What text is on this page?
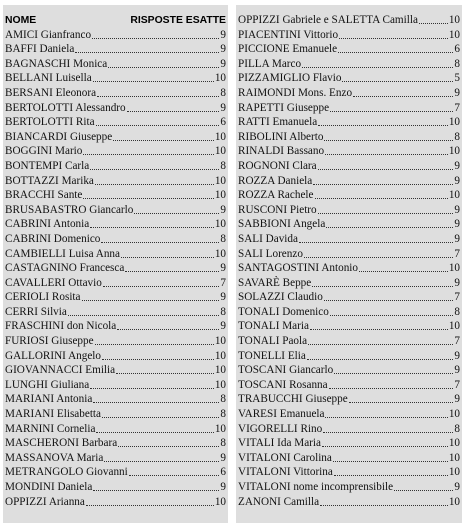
NOME	RISPOSTE ESATTE
AMICI Gianfranco	9
BAFFI Daniela	9
BAGNASCHI Monica	9
BELLANI Luisella	10
BERSANI Eleonora	8
BERTOLOTTI Alessandro	9
BERTOLOTTI Rita	6
BIANCARDI Giuseppe	10
BOGGINI Mario	10
BONTEMPI Carla	8
BOTTAZZI Marika	10
BRACCHI Sante	10
BRUSABASTRO Giancarlo	9
CABRINI Antonia	10
CABRINI Domenico	8
CAMBIELLI Luisa Anna	10
CASTAGNINO Francesca	9
CAVALLERI Ottavio	7
CERIOLI Rosita	9
CERRI Silvia	8
FRASCHINI don Nicola	9
FURIOSI Giuseppe	10
GALLORINI Angelo	10
GIOVANNACCI Emilia	10
LUNGHI Giuliana	10
MARIANI Antonia	8
MARIANI Elisabetta	8
MARNINI Cornelia	10
MASCHERONI Barbara	8
MASSANOVA Maria	9
METRANGOLO Giovanni	6
MONDINI Daniela	9
OPPIZZI Arianna	10
OPPIZZI Gabriele e SALETTA Camilla	10
PIACENTINI Vittorio	10
PICCIONE Emanuele	6
PILLA Marco	8
PIZZAMIGLIO Flavio	5
RAIMONDI Mons. Enzo	9
RAPETTI Giuseppe	7
RATTI Emanuela	10
RIBOLINI Alberto	8
RINALDI Bassano	10
ROGNONI Clara	9
ROZZA Daniela	9
ROZZA Rachele	10
RUSCONI Pietro	9
SABBIONI Angela	9
SALI Davida	9
SALI Lorenzo	7
SANTAGOSTINI Antonio	10
SAVARÈ Beppe	9
SOLAZZI Claudio	7
TONALI Domenico	8
TONALI Maria	10
TONALI Paola	7
TONELLI Elia	9
TOSCANI Giancarlo	9
TOSCANI Rosanna	7
TRABUCCHI Giuseppe	9
VARESI Emanuela	10
VIGORELLI Rino	8
VITALI Ida Maria	10
VITALONI Carolina	10
VITALONI Vittorina	10
VITALONI nome incomprensibile	9
ZANONI Camilla	10
